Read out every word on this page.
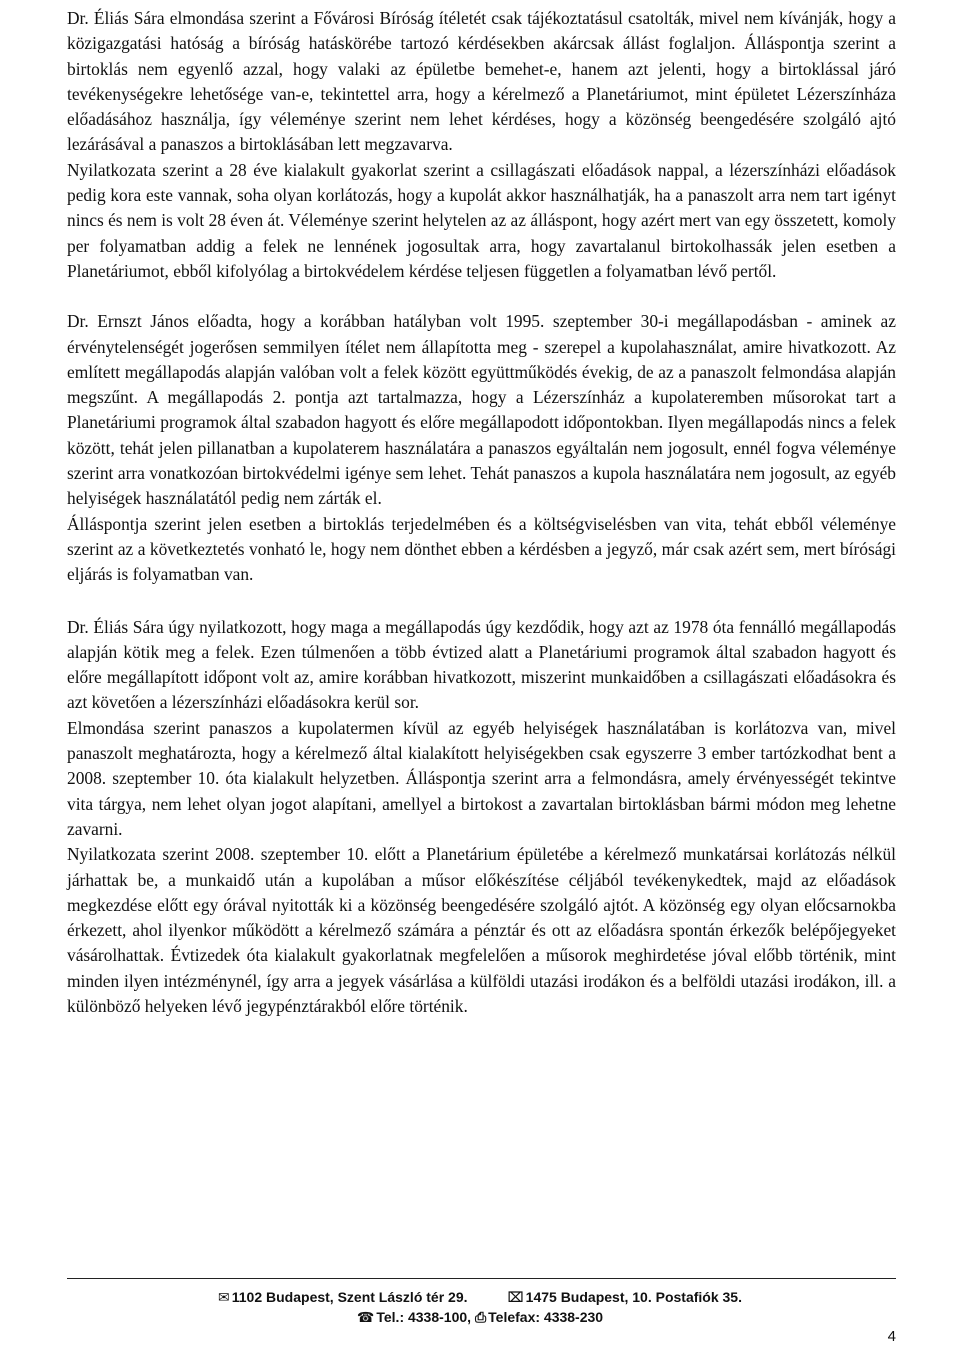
Dr. Éliás Sára elmondása szerint a Fővárosi Bíróság ítéletét csak tájékoztatásul csatolták, mivel nem kívánják, hogy a közigazgatási hatóság a bíróság hatáskörébe tartozó kérdésekben akárcsak állást foglaljon. Álláspontja szerint a birtoklás nem egyenlő azzal, hogy valaki az épületbe bemehet-e, hanem azt jelenti, hogy a birtoklással járó tevékenységekre lehetősége van-e, tekintettel arra, hogy a kérelmező a Planetáriumot, mint épületet Lézerszínháza előadásához használja, így véleménye szerint nem lehet kérdéses, hogy a közönség beengedésére szolgáló ajtó lezárásával a panaszos a birtoklásában lett megzavarva.

Nyilatkozata szerint a 28 éve kialakult gyakorlat szerint a csillagászati előadások nappal, a lézerszínházi előadások pedig kora este vannak, soha olyan korlátozás, hogy a kupolát akkor használhatják, ha a panaszolt arra nem tart igényt nincs és nem is volt 28 éven át. Véleménye szerint helytelen az az álláspont, hogy azért mert van egy összetett, komoly per folyamatban addig a felek ne lennének jogosultak arra, hogy zavartalanul birtokolhassák jelen esetben a Planetáriumot, ebből kifolyólag a birtokvédelem kérdése teljesen független a folyamatban lévő pertől.

Dr. Ernszt János előadta, hogy a korábban hatályban volt 1995. szeptember 30-i megállapodásban - aminek az érvénytelenségét jogerősen semmilyen ítélet nem állapította meg - szerepel a kupolahasználat, amire hivatkozott. Az említett megállapodás alapján valóban volt a felek között együttműködés évekig, de az a panaszolt felmondása alapján megszűnt. A megállapodás 2. pontja azt tartalmazza, hogy a Lézerszínház a kupolateremben műsorokat tart a Planetáriumi programok által szabadon hagyott és előre megállapodott időpontokban. Ilyen megállapodás nincs a felek között, tehát jelen pillanatban a kupolaterem használatára a panaszos egyáltalán nem jogosult, ennél fogva véleménye szerint arra vonatkozóan birtokvédelmi igénye sem lehet. Tehát panaszos a kupola használatára nem jogosult, az egyéb helyiségek használatától pedig nem zárták el.

Álláspontja szerint jelen esetben a birtoklás terjedelmében és a költségviselésben van vita, tehát ebből véleménye szerint az a következtetés vonható le, hogy nem dönthet ebben a kérdésben a jegyző, már csak azért sem, mert bírósági eljárás is folyamatban van.

Dr. Éliás Sára úgy nyilatkozott, hogy maga a megállapodás úgy kezdődik, hogy azt az 1978 óta fennálló megállapodás alapján kötik meg a felek. Ezen túlmenően a több évtized alatt a Planetáriumi programok által szabadon hagyott és előre megállapított időpont volt az, amire korábban hivatkozott, miszerint munkaidőben a csillagászati előadásokra és azt követően a lézerszínházi előadásokra kerül sor.

Elmondása szerint panaszos a kupolatermen kívül az egyéb helyiségek használatában is korlátozva van, mivel panaszolt meghatározta, hogy a kérelmező által kialakított helyiségekben csak egyszerre 3 ember tartózkodhat bent a 2008. szeptember 10. óta kialakult helyzetben. Álláspontja szerint arra a felmondásra, amely érvényességét tekintve vita tárgya, nem lehet olyan jogot alapítani, amellyel a birtokost a zavartalan birtoklásban bármi módon meg lehetne zavarni.

Nyilatkozata szerint 2008. szeptember 10. előtt a Planetárium épületébe a kérelmező munkatársai korlátozás nélkül járhattak be, a munkaidő után a kupolában a műsor előkészítése céljából tevékenykedtek, majd az előadások megkezdése előtt egy órával nyitották ki a közönség beengedésére szolgáló ajtót. A közönség egy olyan előcsarnokba érkezett, ahol ilyenkor működött a kérelmező számára a pénztár és ott az előadásra spontán érkezők belépőjegyeket vásárolhattak. Évtizedek óta kialakult gyakorlatnak megfelelően a műsorok meghirdetése jóval előbb történik, mint minden ilyen intézménynél, így arra a jegyek vásárlása a külföldi utazási irodákon és a belföldi utazási irodákon, ill. a különböző helyeken lévő jegypénztárakból előre történik.

✉ 1102 Budapest, Szent László tér 29.	⌧ 1475 Budapest, 10. Postafiók 35.
☎ Tel.: 4338-100, ⎙ Telefax: 4338-230
4
